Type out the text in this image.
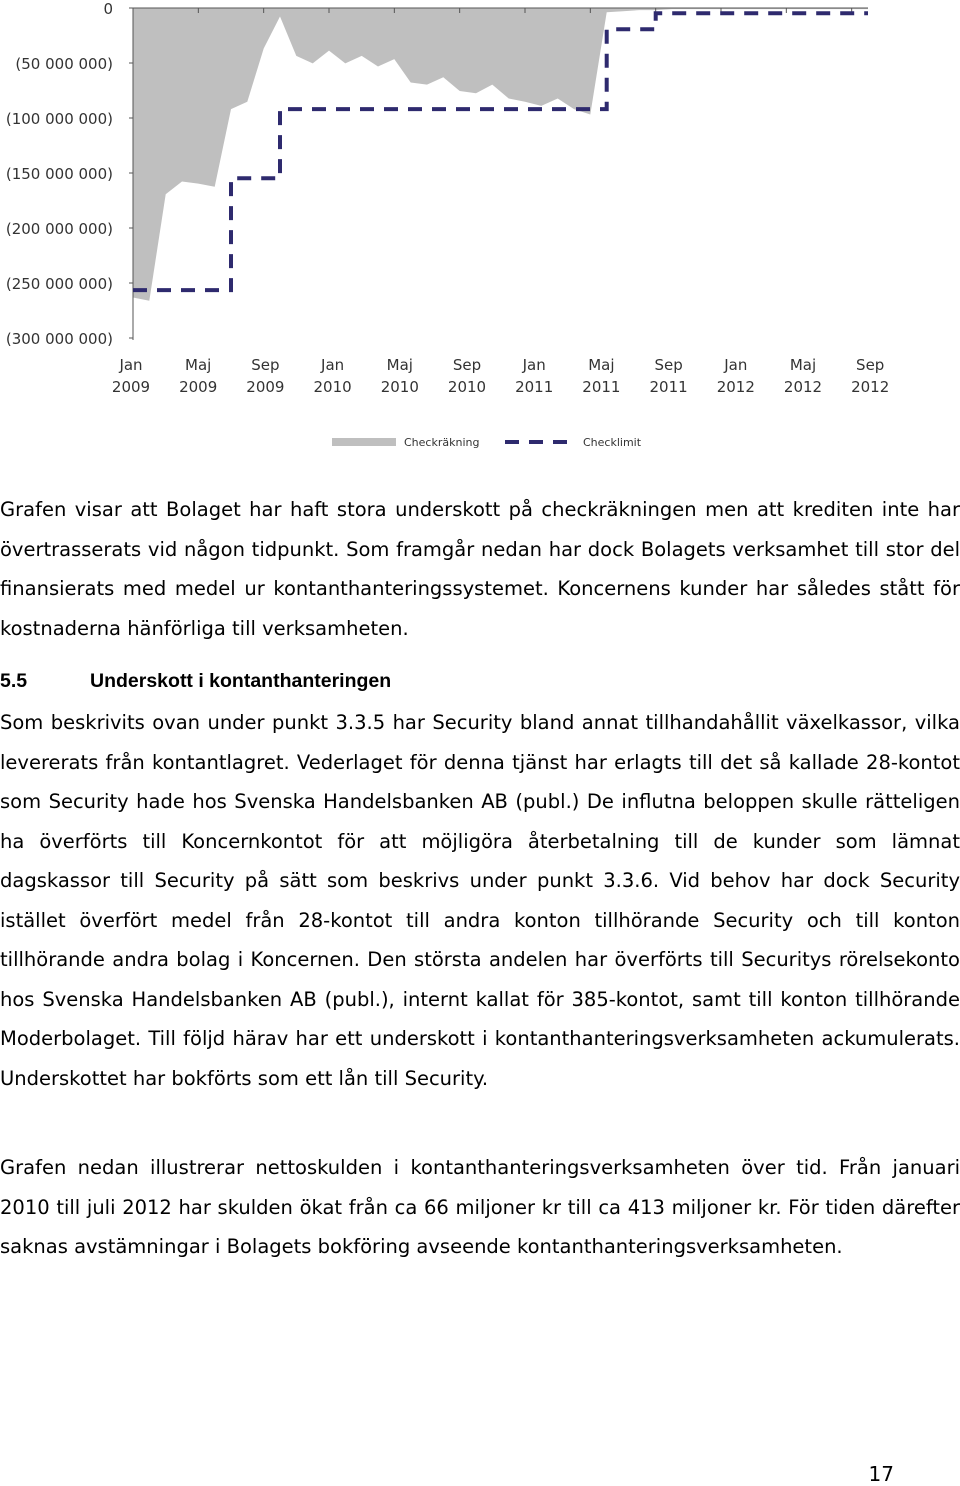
0
(50 000 000)
(100 000 000)
(150 000 000)
(200 000 000)
(250 000 000)
(300 000 000)
Jan
2009
Maj
2009
Sep
2009
Jan
2010
Maj
2010
Sep
2010
Jan
2011
Maj
2011
Sep
2011
Jan
2012
Maj
2012
Sep
2012
Checkräkning	Checklimit

Grafen visar att Bolaget har haft stora underskott på checkräkningen men att krediten inte har övertrasserats vid någon tidpunkt. Som framgår nedan har dock Bolagets verksamhet till stor del finansierats med medel ur kontanthanteringssystemet. Koncernens kunder har således stått för kostnaderna hänförliga till verksamheten.

5.5	Underskott i kontanthanteringen

Som beskrivits ovan under punkt 3.3.5 har Security bland annat tillhandahållit växelkassor, vilka levererats från kontantlagret. Vederlaget för denna tjänst har erlagts till det så kallade 28-kontot som Security hade hos Svenska Handelsbanken AB (publ.) De influtna beloppen skulle rätteligen ha överförts till Koncernkontot för att möjligöra återbetalning till de kunder som lämnat dagskassor till Security på sätt som beskrivs under punkt 3.3.6. Vid behov har dock Security istället överfört medel från 28-kontot till andra konton tillhörande Security och till konton tillhörande andra bolag i Koncernen. Den största andelen har överförts till Securitys rörelsekonto hos Svenska Handelsbanken AB (publ.), internt kallat för 385-kontot, samt till konton tillhörande Moderbolaget. Till följd härav har ett underskott i kontanthanteringsverksamheten ackumulerats. Underskottet har bokförts som ett lån till Security.

Grafen nedan illustrerar nettoskulden i kontanthanteringsverksamheten över tid. Från januari 2010 till juli 2012 har skulden ökat från ca 66 miljoner kr till ca 413 miljoner kr. För tiden därefter saknas avstämningar i Bolagets bokföring avseende kontanthanteringsverksamheten.

17
